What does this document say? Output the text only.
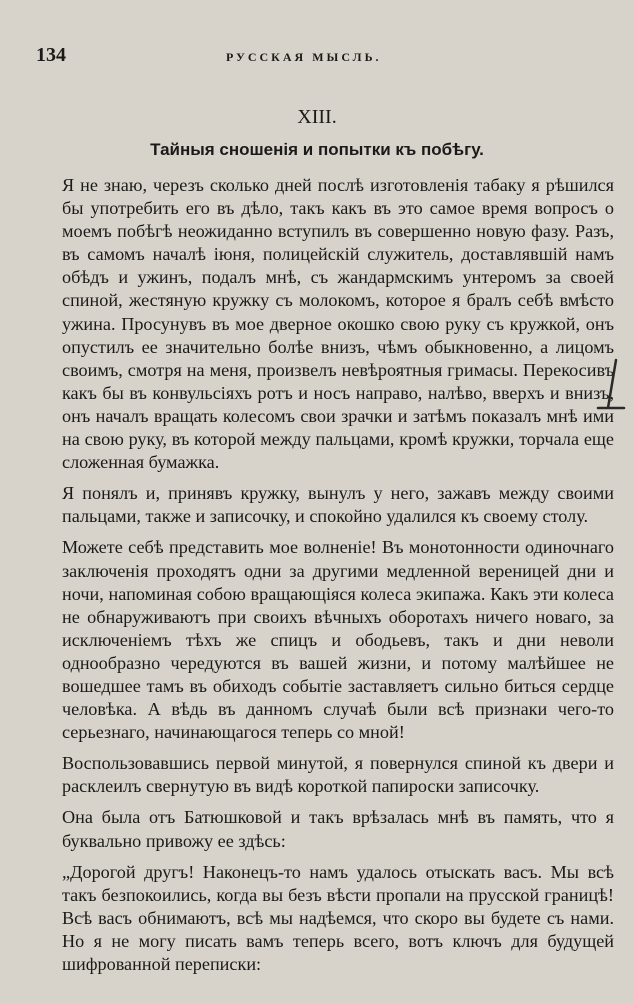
134	РУССКАЯ МЫСЛЬ.
XIII.
Тайныя сношенія и попытки къ побѣгу.

Я не знаю, черезъ сколько дней послѣ изготовленія табаку я рѣшился бы употребить его въ дѣло, такъ какъ въ это самое время вопросъ о моемъ побѣгѣ неожиданно вступилъ въ совершенно новую фазу. Разъ, въ самомъ началѣ іюня, полицейскій служитель, доставлявшій намъ обѣдъ и ужинъ, подалъ мнѣ, съ жандармскимъ унтеромъ за своей спиной, жестяную кружку съ молокомъ, которое я бралъ себѣ вмѣсто ужина. Просунувъ въ мое дверное окошко свою руку съ кружкой, онъ опустилъ ее значительно болѣе внизъ, чѣмъ обыкновенно, а лицомъ своимъ, смотря на меня, произвелъ невѣроятныя гримасы. Перекосивъ какъ бы въ конвульсіяхъ ротъ и носъ направо, налѣво, вверхъ и внизъ, онъ началъ вращать колесомъ свои зрачки и затѣмъ показалъ мнѣ ими на свою руку, въ которой между пальцами, кромѣ кружки, торчала еще сложенная бумажка.

Я понялъ и, принявъ кружку, вынулъ у него, зажавъ между своими пальцами, также и записочку, и спокойно удалился къ своему столу.

Можете себѣ представить мое волненіе! Въ монотонности одиночнаго заключенія проходятъ одни за другими медленной вереницей дни и ночи, напоминая собою вращающіяся колеса экипажа. Какъ эти колеса не обнаруживаютъ при своихъ вѣчныхъ оборотахъ ничего новаго, за исключеніемъ тѣхъ же спицъ и ободьевъ, такъ и дни неволи однообразно чередуются въ вашей жизни, и потому малѣйшее не вошедшее тамъ въ обиходъ событіе заставляетъ сильно биться сердце человѣка. А вѣдь въ данномъ случаѣ были всѣ признаки чего-то серьезнаго, начинающагося теперь со мной!

Воспользовавшись первой минутой, я повернулся спиной къ двери и расклеилъ свернутую въ видѣ короткой папироски записочку.

Она была отъ Батюшковой и такъ врѣзалась мнѣ въ память, что я буквально привожу ее здѣсь:

„Дорогой другъ! Наконецъ-то намъ удалось отыскать васъ. Мы всѣ такъ безпокоились, когда вы безъ вѣсти пропали на прусской границѣ! Всѣ васъ обнимаютъ, всѣ мы надѣемся, что скоро вы будете съ нами. Но я не могу писать вамъ теперь всего, вотъ ключъ для будущей шифрованной переписки:
